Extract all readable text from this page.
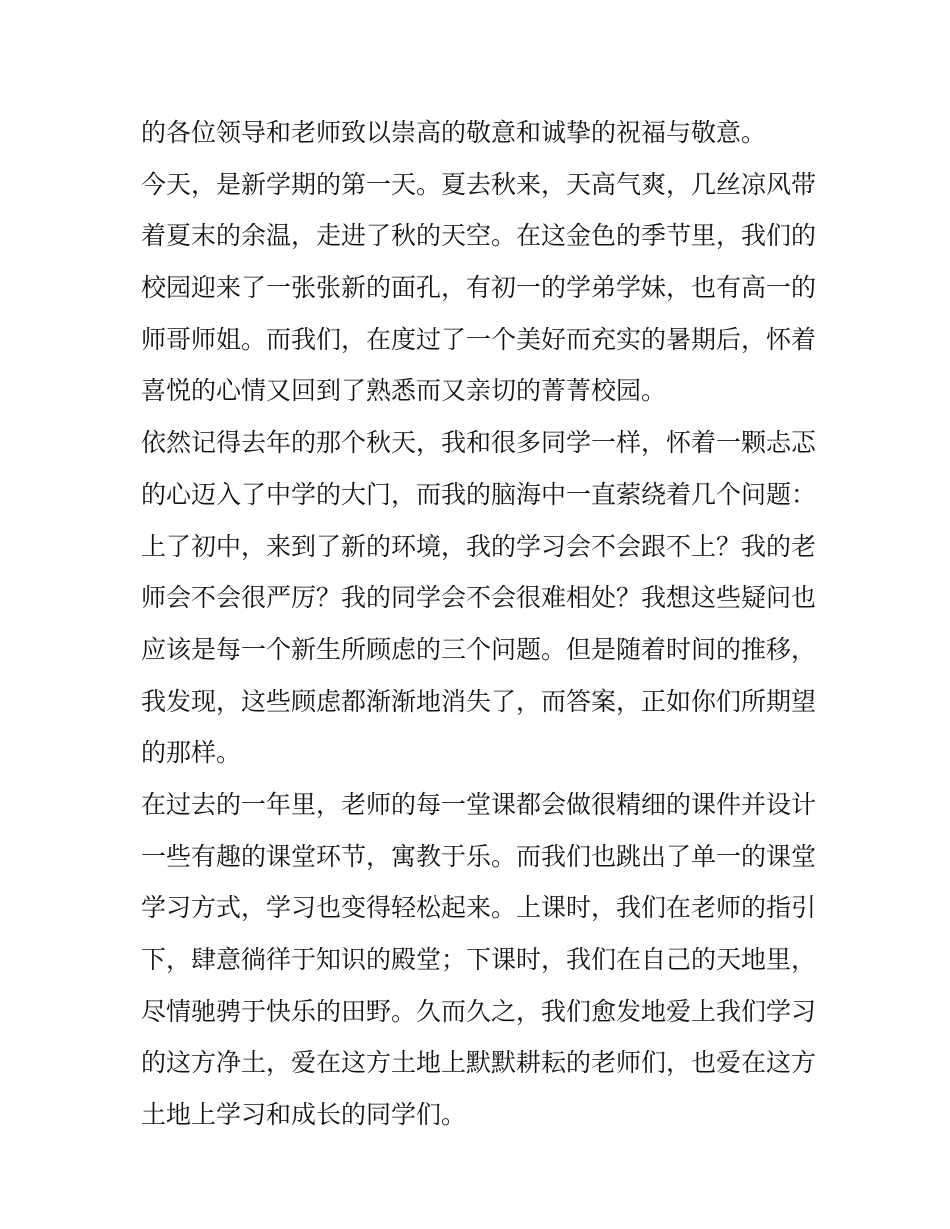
的各位领导和老师致以崇高的敬意和诚挚的祝福与敬意。
今天，是新学期的第一天。夏去秋来，天高气爽，几丝凉风带
着夏末的余温，走进了秋的天空。在这金色的季节里，我们的
校园迎来了一张张新的面孔，有初一的学弟学妹，也有高一的
师哥师姐。而我们，在度过了一个美好而充实的暑期后，怀着
喜悦的心情又回到了熟悉而又亲切的菁菁校园。
依然记得去年的那个秋天，我和很多同学一样，怀着一颗忐忑
的心迈入了中学的大门，而我的脑海中一直萦绕着几个问题：
上了初中，来到了新的环境，我的学习会不会跟不上？我的老
师会不会很严厉？我的同学会不会很难相处？我想这些疑问也
应该是每一个新生所顾虑的三个问题。但是随着时间的推移，
我发现，这些顾虑都渐渐地消失了，而答案，正如你们所期望
的那样。
在过去的一年里，老师的每一堂课都会做很精细的课件并设计
一些有趣的课堂环节，寓教于乐。而我们也跳出了单一的课堂
学习方式，学习也变得轻松起来。上课时，我们在老师的指引
下，肆意徜徉于知识的殿堂；下课时，我们在自己的天地里，
尽情驰骋于快乐的田野。久而久之，我们愈发地爱上我们学习
的这方净土，爱在这方土地上默默耕耘的老师们，也爱在这方
土地上学习和成长的同学们。
